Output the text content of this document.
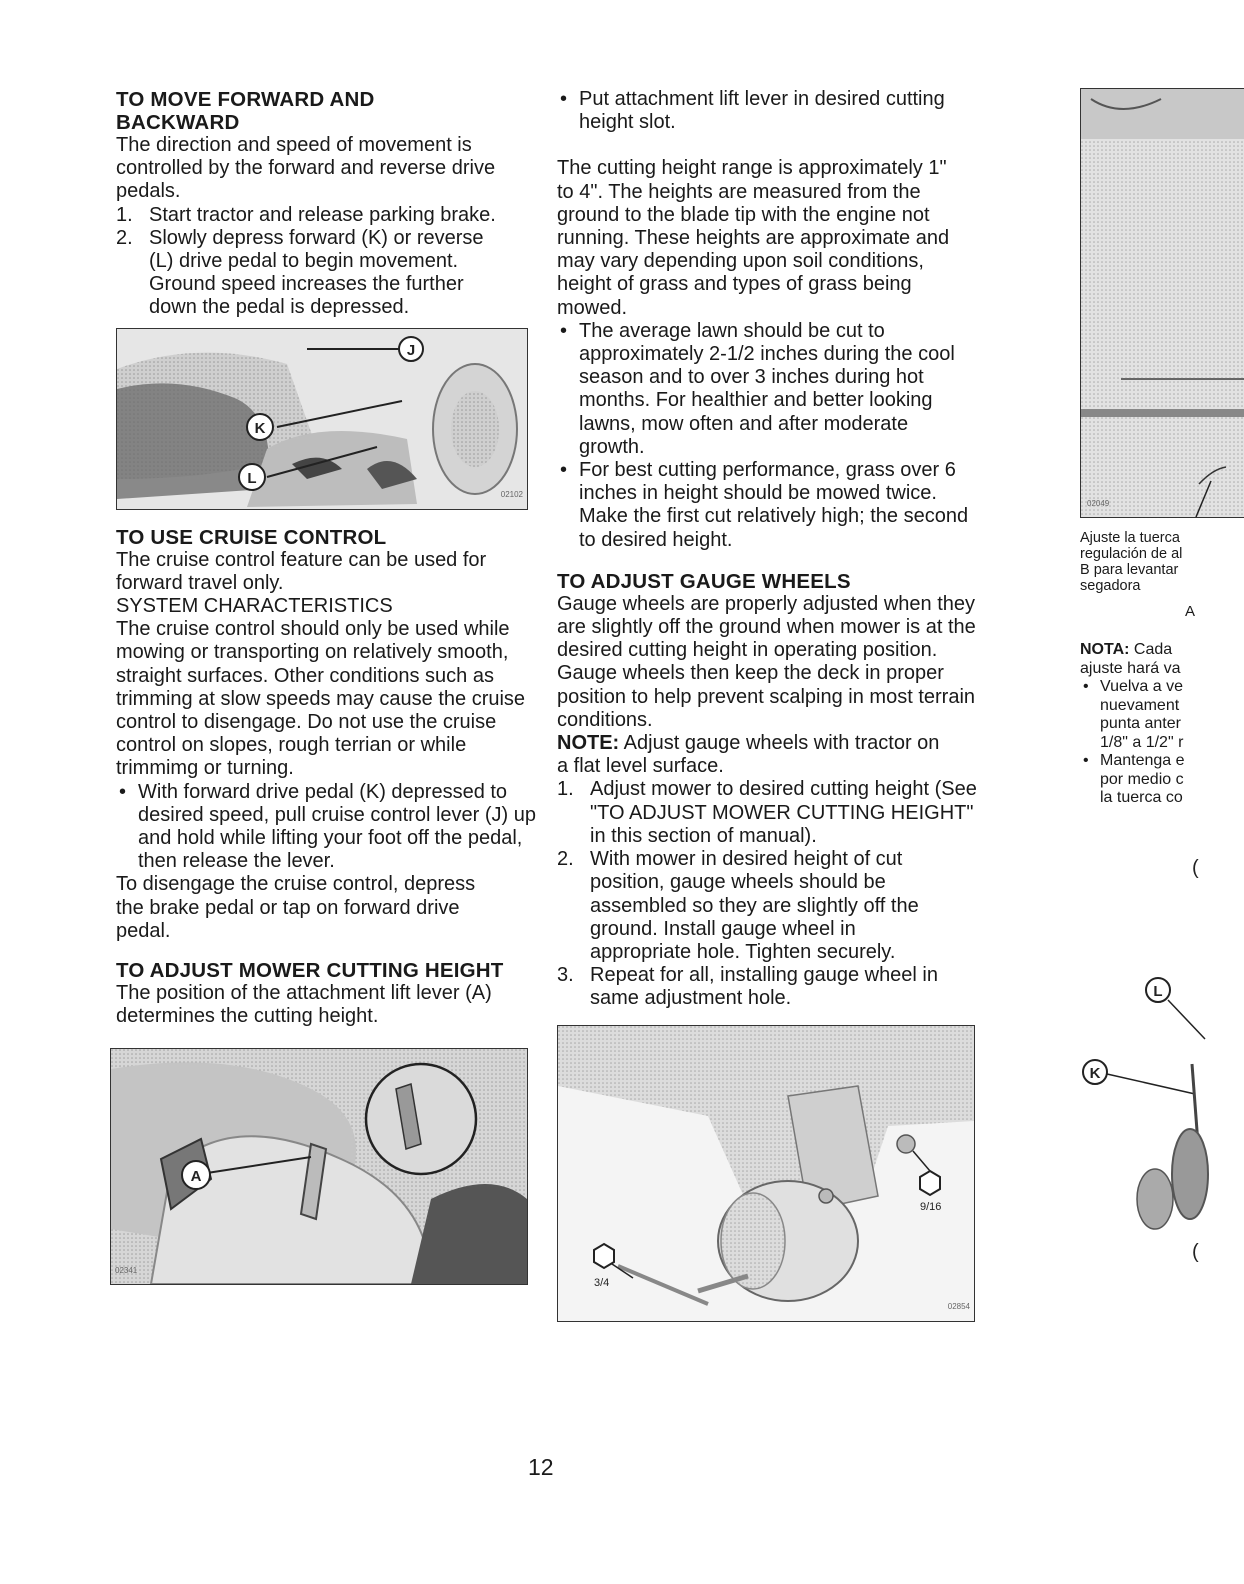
TO MOVE FORWARD AND
BACKWARD

The direction and speed of movement is controlled by the forward and reverse drive pedals.

1. Start tractor and release parking brake.
2. Slowly depress forward (K) or reverse (L) drive pedal to begin movement. Ground speed increases the further down the pedal is depressed.
J
K
L
02102
TO USE CRUISE CONTROL

The cruise control feature can be used for forward travel only.

SYSTEM CHARACTERISTICS

The cruise control should only be used while mowing or transporting on relatively smooth, straight surfaces. Other conditions such as trimming at slow speeds may cause the cruise control to disengage. Do not use the cruise control on slopes, rough terrian or while trimmimg or turning.

• With forward drive pedal (K) depressed to desired speed, pull cruise control lever (J) up and hold while lifting your foot off the pedal, then release the lever.

To disengage the cruise control, depress the brake pedal or tap on forward drive pedal.

TO ADJUST MOWER CUTTING HEIGHT

The position of the attachment lift lever (A) determines the cutting height.

A
02341
• Put attachment lift lever in desired cutting height slot.

The cutting height range is approximately 1" to 4". The heights are measured from the ground to the blade tip with the engine not running. These heights are approximate and may vary depending upon soil conditions, height of grass and types of grass being mowed.

• The average lawn should be cut to approximately 2-1/2 inches during the cool season and to over 3 inches during hot months. For healthier and better looking lawns, mow often and after moderate growth.
• For best cutting performance, grass over 6 inches in height should be mowed twice. Make the first cut relatively high; the second to desired height.
TO ADJUST GAUGE WHEELS

Gauge wheels are properly adjusted when they are slightly off the ground when mower is at the desired cutting height in operating position. Gauge wheels then keep the deck in proper position to help prevent scalping in most terrain conditions.

NOTE: Adjust gauge wheels with tractor on a flat level surface.

1. Adjust mower to desired cutting height (See "TO ADJUST MOWER CUTTING HEIGHT" in this section of manual).
2. With mower in desired height of cut position, gauge wheels should be assembled so they are slightly off the ground. Install gauge wheel in appropriate hole. Tighten securely.
3. Repeat for all, installing gauge wheel in same adjustment hole.
9/16
3/4
02854
02049
Ajuste la tuerca
regulación de al
B para levantar
segadora
A
NOTA: Cada
ajuste hará va
• Vuelva a ve
nuevament
punta anter
1/8" a 1/2" r
• Mantenga e
por medio c
la tuerca co
(
L
K
(
12
